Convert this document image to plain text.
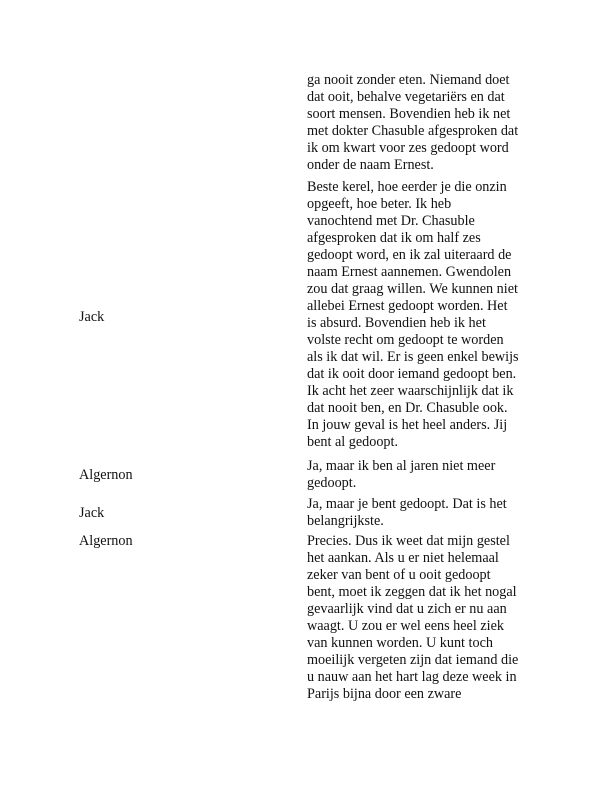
ga nooit zonder eten. Niemand doet
dat ooit, behalve vegetariërs en dat
soort mensen. Bovendien heb ik net
met dokter Chasuble afgesproken dat
ik om kwart voor zes gedoopt word
onder de naam Ernest.
Jack
Beste kerel, hoe eerder je die onzin
opgeeft, hoe beter. Ik heb
vanochtend met Dr. Chasuble
afgesproken dat ik om half zes
gedoopt word, en ik zal uiteraard de
naam Ernest aannemen. Gwendolen
zou dat graag willen. We kunnen niet
allebei Ernest gedoopt worden. Het
is absurd. Bovendien heb ik het
volste recht om gedoopt te worden
als ik dat wil. Er is geen enkel bewijs
dat ik ooit door iemand gedoopt ben.
Ik acht het zeer waarschijnlijk dat ik
dat nooit ben, en Dr. Chasuble ook.
In jouw geval is het heel anders. Jij
bent al gedoopt.
Algernon
Ja, maar ik ben al jaren niet meer
gedoopt.
Jack
Ja, maar je bent gedoopt. Dat is het
belangrijkste.
Algernon	Precies. Dus ik weet dat mijn gestel
het aankan. Als u er niet helemaal
zeker van bent of u ooit gedoopt
bent, moet ik zeggen dat ik het nogal
gevaarlijk vind dat u zich er nu aan
waagt. U zou er wel eens heel ziek
van kunnen worden. U kunt toch
moeilijk vergeten zijn dat iemand die
u nauw aan het hart lag deze week in
Parijs bijna door een zware
